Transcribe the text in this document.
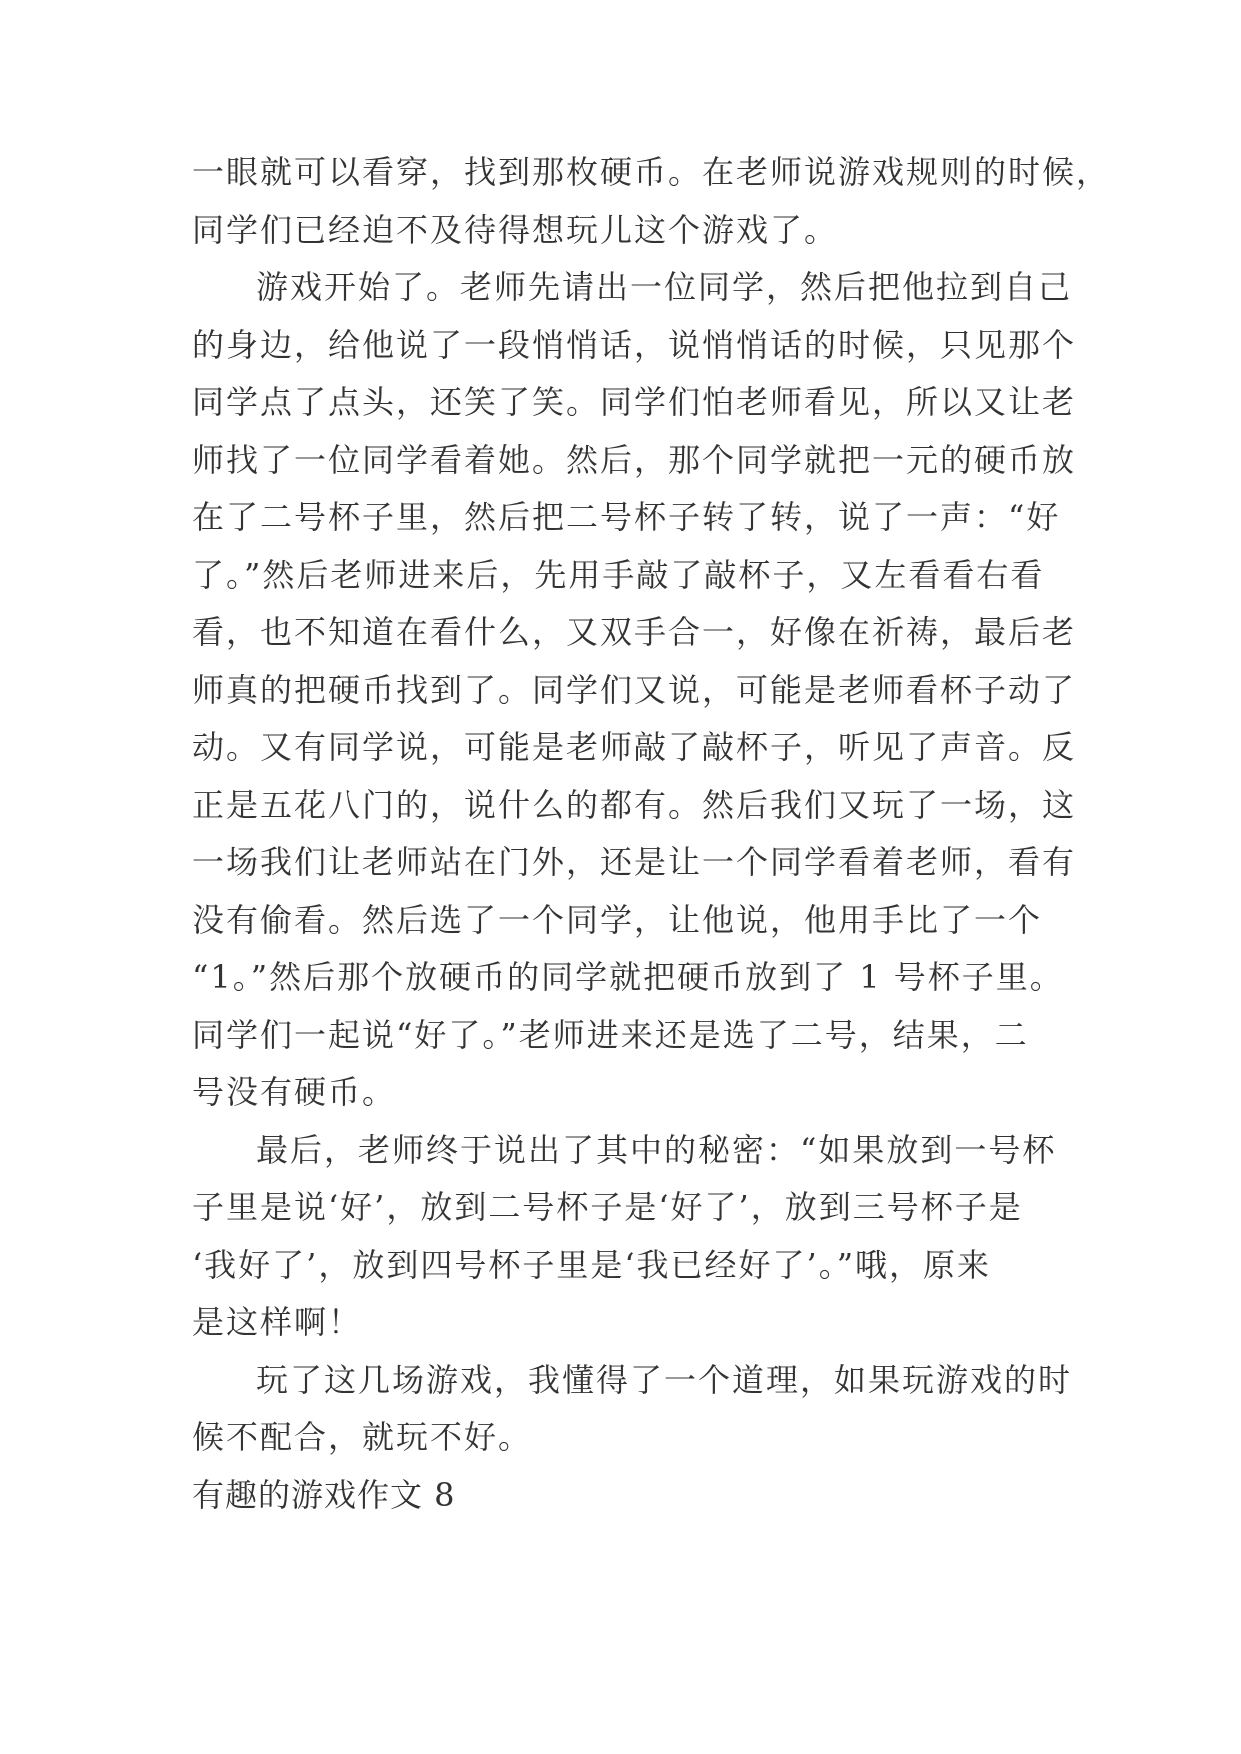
一眼就可以看穿，找到那枚硬币。在老师说游戏规则的时候，
同学们已经迫不及待得想玩儿这个游戏了。
游戏开始了。老师先请出一位同学，然后把他拉到自己
的身边，给他说了一段悄悄话，说悄悄话的时候，只见那个
同学点了点头，还笑了笑。同学们怕老师看见，所以又让老
师找了一位同学看着她。然后，那个同学就把一元的硬币放
在了二号杯子里，然后把二号杯子转了转，说了一声：“好
了。”然后老师进来后，先用手敲了敲杯子，又左看看右看
看，也不知道在看什么，又双手合一，好像在祈祷，最后老
师真的把硬币找到了。同学们又说，可能是老师看杯子动了
动。又有同学说，可能是老师敲了敲杯子，听见了声音。反
正是五花八门的，说什么的都有。然后我们又玩了一场，这
一场我们让老师站在门外，还是让一个同学看着老师，看有
没有偷看。然后选了一个同学，让他说，他用手比了一个
“1。”然后那个放硬币的同学就把硬币放到了 1 号杯子里。
同学们一起说“好了。”老师进来还是选了二号，结果，二
号没有硬币。
最后，老师终于说出了其中的秘密：“如果放到一号杯
子里是说‘好’，放到二号杯子是‘好了’，放到三号杯子是
‘我好了’，放到四号杯子里是‘我已经好了’。”哦，原来
是这样啊！
玩了这几场游戏，我懂得了一个道理，如果玩游戏的时
候不配合，就玩不好。
有趣的游戏作文 8
